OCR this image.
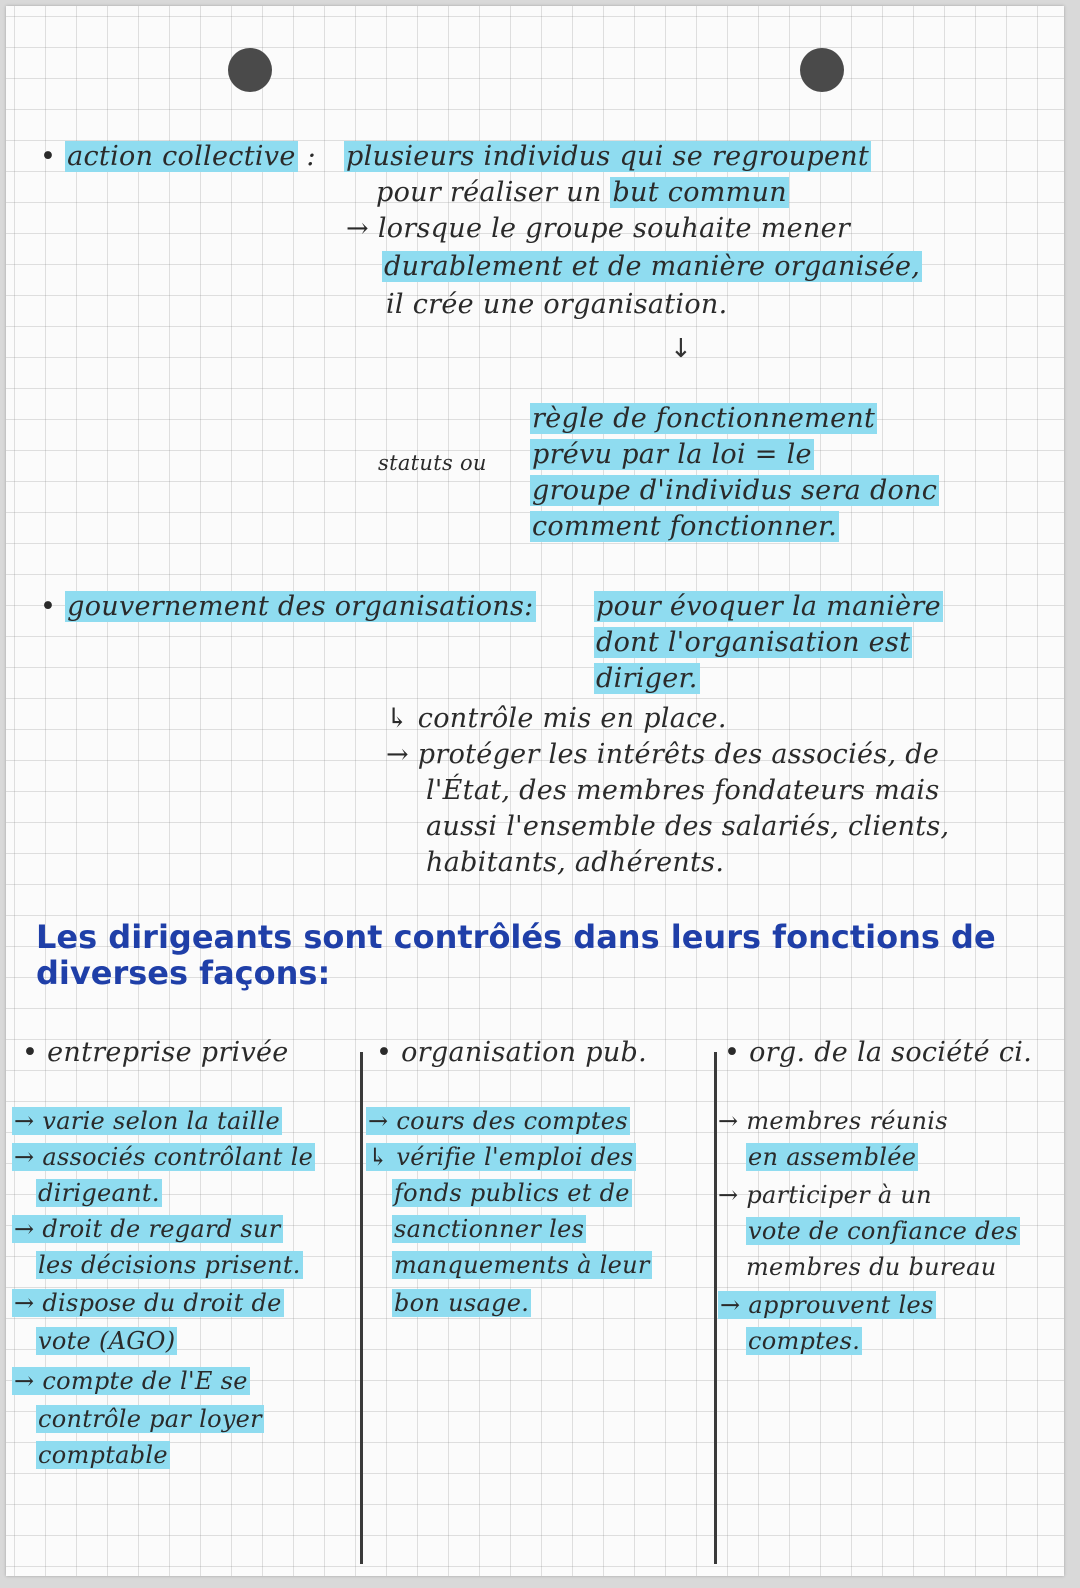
• action collective : plusieurs individus qui se regroupent
pour réaliser un but commun
→ lorsque le groupe souhaite mener
durablement et de manière organisée,
il crée une organisation.
↓
statuts ou
règle de fonctionnement
prévu par la loi = le
groupe d'individus sera donc
comment fonctionner.
• gouvernement des organisations: pour évoquer la manière
dont l'organisation est
diriger.
↳ contrôle mis en place.
→ protéger les intérêts des associés, de
l'État, des membres fondateurs mais
aussi l'ensemble des salariés, clients,
habitants, adhérents.
Les dirigeants sont contrôlés dans leurs fonctions de
diverses façons:
• entreprise privée
→ varie selon la taille
→ associés contrôlant le
dirigeant.
→ droit de regard sur
les décisions prisent.
→ dispose du droit de
vote (AGO)
→ compte de l'E se
contrôle par loyer
comptable
• organisation pub.
→ cours des comptes
↳ vérifie l'emploi des
fonds publics et de
sanctionner les
manquements à leur
bon usage.
• org. de la société ci.
→ membres réunis
en assemblée
→ participer à un
vote de confiance des
membres du bureau
→ approuvent les
comptes.
